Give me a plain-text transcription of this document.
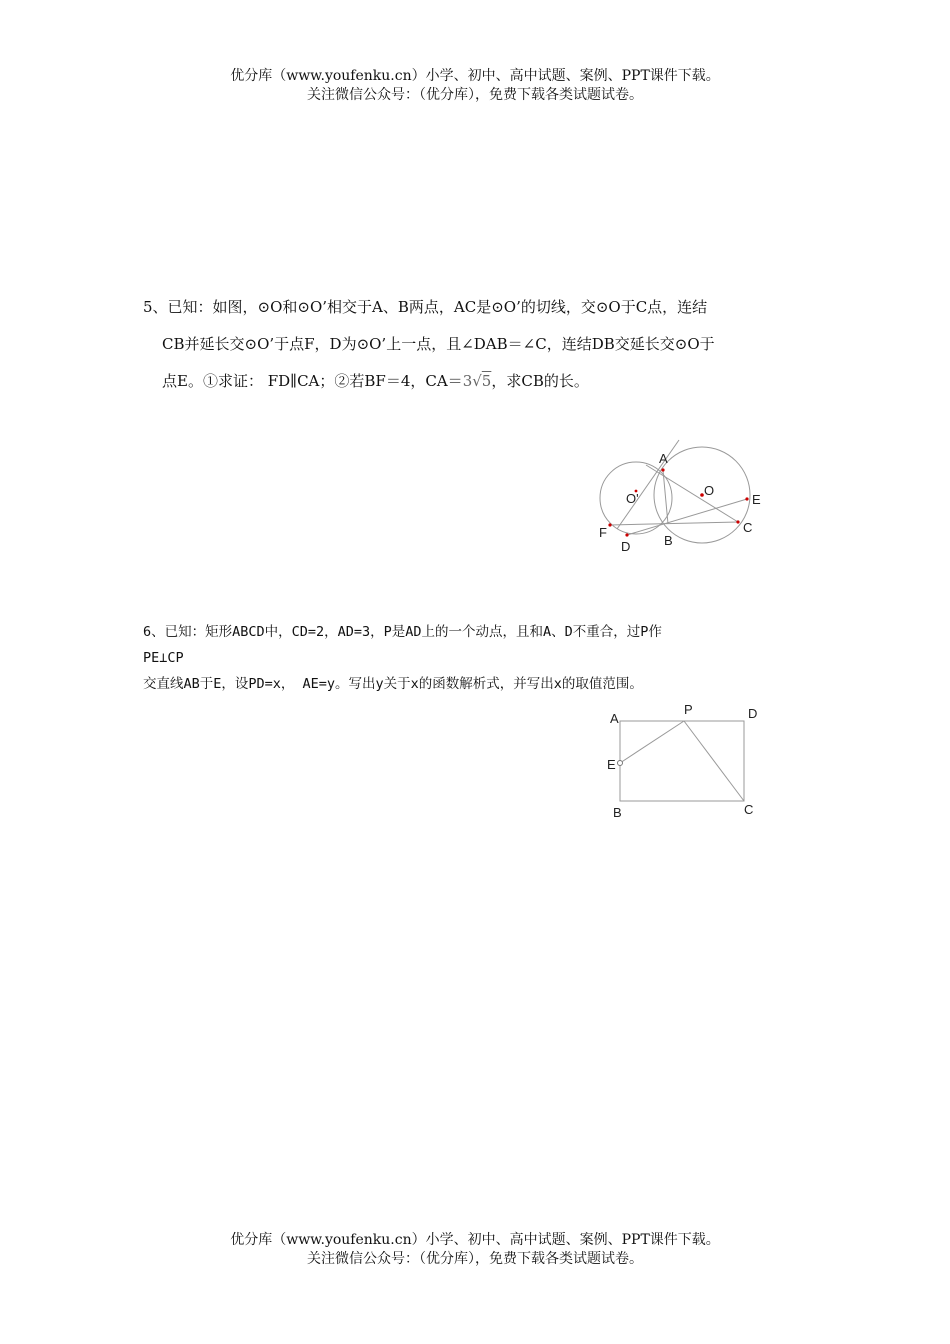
优分库（www.youfenku.cn）小学、初中、高中试题、案例、PPT课件下载。
关注微信公众号：（优分库），免费下载各类试题试卷。

5、已知：如图，⊙O和⊙O’相交于A、B两点，AC是⊙O’的切线，交⊙O于C点，连结

CB并延长交⊙O’于点F，D为⊙O’上一点，且∠DAB＝∠C，连结DB交延长交⊙O于

点E。①求证： FD∥CA；②若BF＝4，CA＝3√5，求CB的长。

A
O'
O
E
F
D	B
C

6、已知：矩形ABCD中，CD=2，AD=3，P是AD上的一个动点，且和A、D不重合，过P作

PE⊥CP

交直线AB于E，设PD=x， AE=y。写出y关于x的函数解析式，并写出x的取值范围。

A
P	D
E
B	C
优分库（www.youfenku.cn）小学、初中、高中试题、案例、PPT课件下载。
关注微信公众号：（优分库），免费下载各类试题试卷。
